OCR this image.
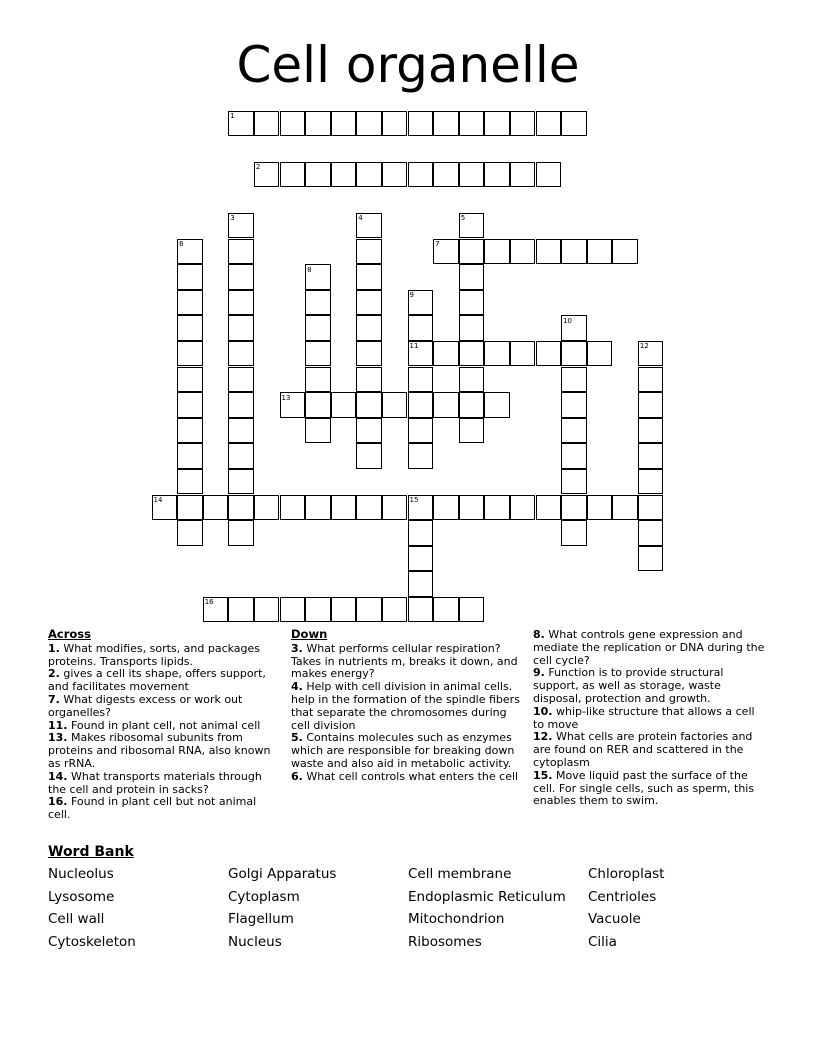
Cell organelle
1
2
3	4	5
6	7
8
9
10
11	12
13
14	15
16
Across

1. What modifies, sorts, and packages proteins. Transports lipids.

2. gives a cell its shape, offers support, and facilitates movement

7. What digests excess or work out organelles?

11. Found in plant cell, not animal cell

13. Makes ribosomal subunits from proteins and ribosomal RNA, also known as rRNA.

14. What transports materials through the cell and protein in sacks?

16. Found in plant cell but not animal cell.

Down

3. What performs cellular respiration? Takes in nutrients m, breaks it down, and makes energy?

4. Help with cell division in animal cells. help in the formation of the spindle fibers that separate the chromosomes during cell division

5. Contains molecules such as enzymes which are responsible for breaking down waste and also aid in metabolic activity.

6. What cell controls what enters the cell

8. What controls gene expression and mediate the replication or DNA during the cell cycle?

9. Function is to provide structural support, as well as storage, waste disposal, protection and growth.

10. whip-like structure that allows a cell to move

12. What cells are protein factories and are found on RER and scattered in the cytoplasm

15. Move liquid past the surface of the cell. For single cells, such as sperm, this enables them to swim.

Word Bank
Nucleolus	Golgi Apparatus	Cell membrane	Chloroplast
Lysosome	Cytoplasm	Endoplasmic Reticulum	Centrioles
Cell wall	Flagellum	Mitochondrion	Vacuole
Cytoskeleton	Nucleus	Ribosomes	Cilia
